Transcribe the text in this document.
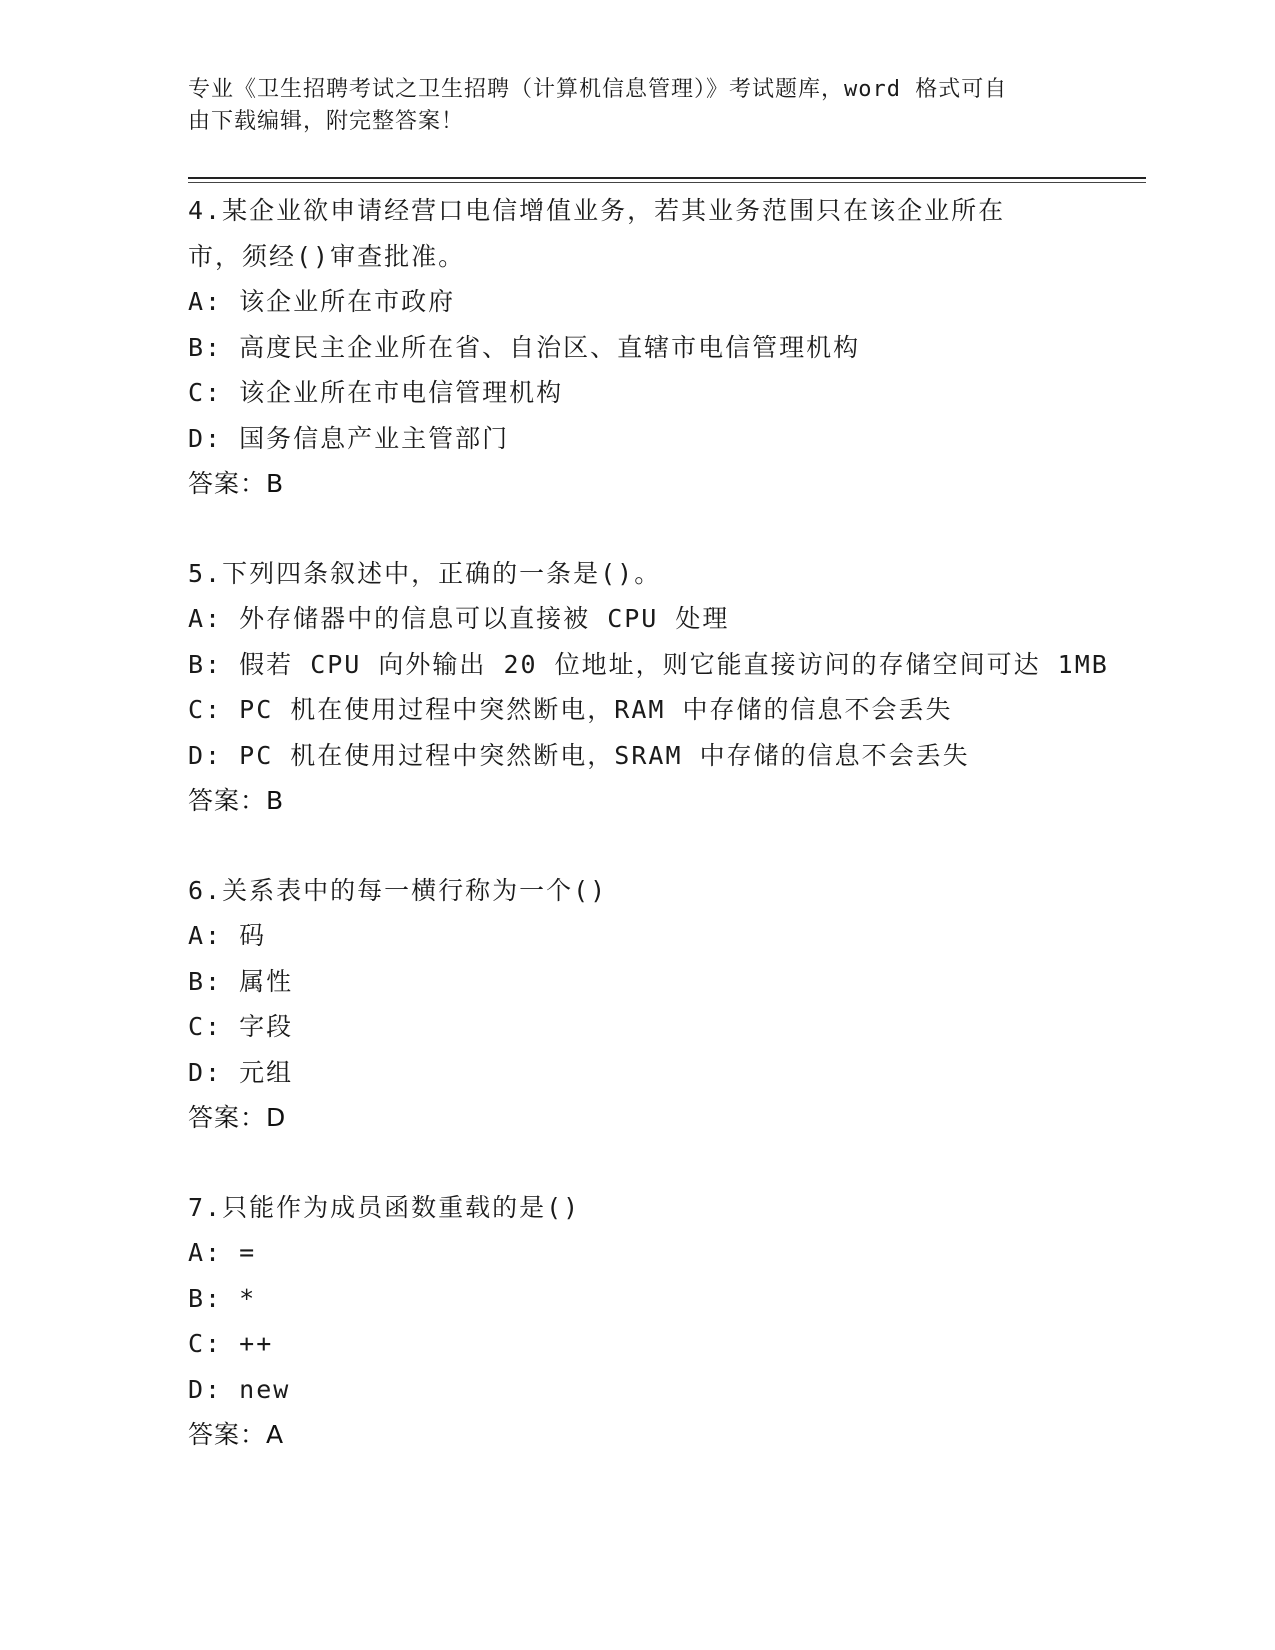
专业《卫生招聘考试之卫生招聘（计算机信息管理）》考试题库，word 格式可自

由下载编辑，附完整答案！

4.某企业欲申请经营口电信增值业务，若其业务范围只在该企业所在
市，须经()审查批准。
A: 该企业所在市政府
B: 高度民主企业所在省、自治区、直辖市电信管理机构
C: 该企业所在市电信管理机构
D: 国务信息产业主管部门
答案：B
5.下列四条叙述中，正确的一条是()。
A: 外存储器中的信息可以直接被 CPU 处理
B: 假若 CPU 向外输出 20 位地址，则它能直接访问的存储空间可达 1MB
C: PC 机在使用过程中突然断电，RAM 中存储的信息不会丢失
D: PC 机在使用过程中突然断电，SRAM 中存储的信息不会丢失
答案：B
6.关系表中的每一横行称为一个()
A: 码
B: 属性
C: 字段
D: 元组
答案：D
7.只能作为成员函数重载的是()
A: =
B: *
C: ++
D: new
答案：A
